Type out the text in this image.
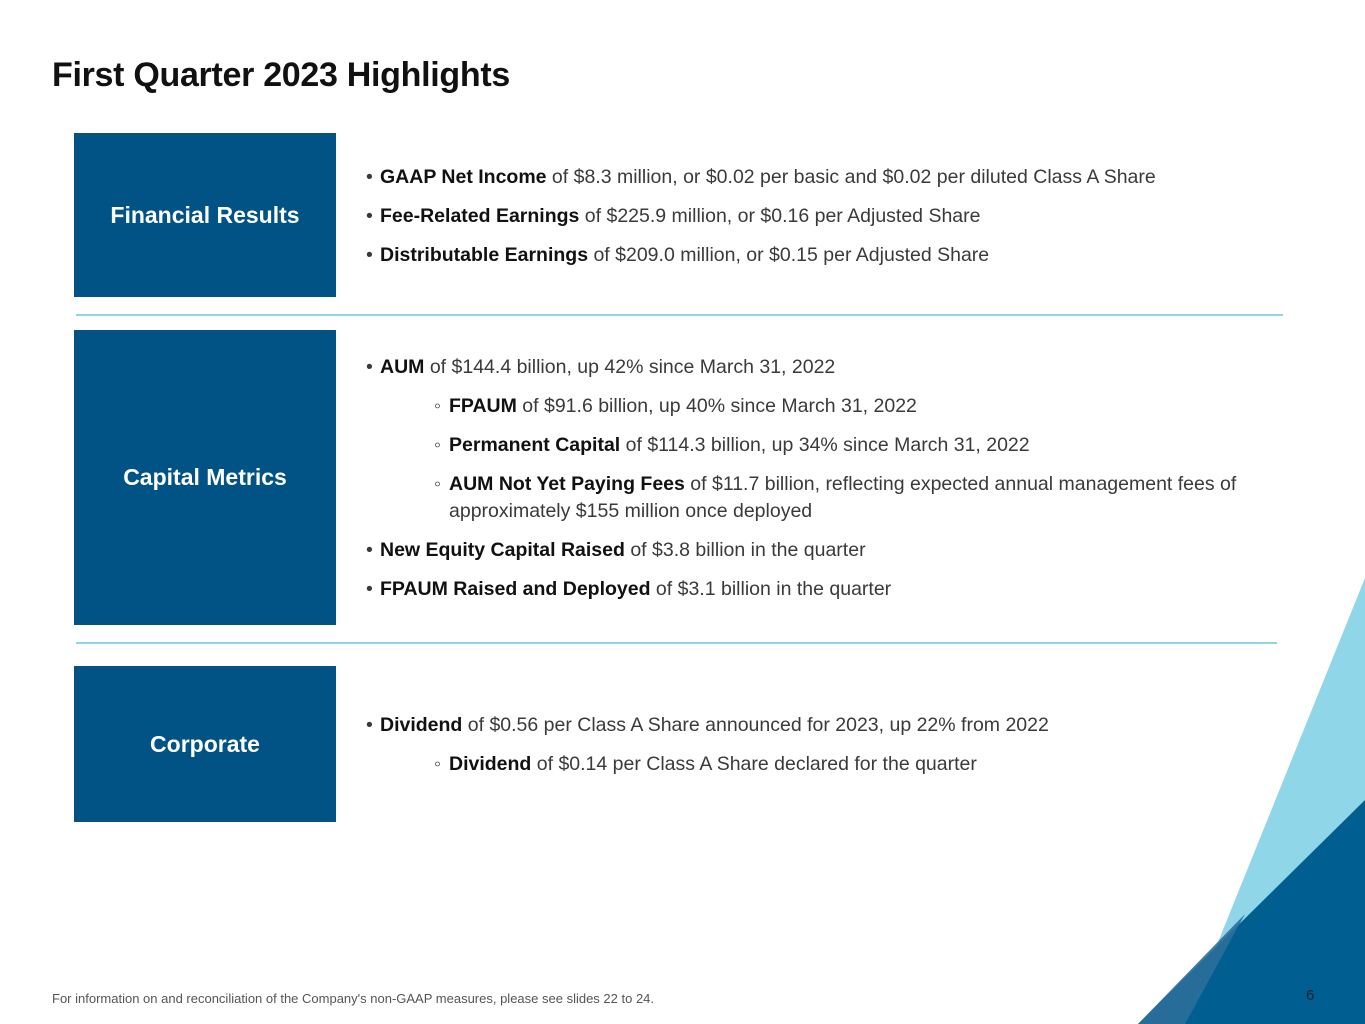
First Quarter 2023 Highlights
Financial Results
• GAAP Net Income of $8.3 million, or $0.02 per basic and $0.02 per diluted Class A Share
• Fee-Related Earnings of $225.9 million, or $0.16 per Adjusted Share
• Distributable Earnings of $209.0 million, or $0.15 per Adjusted Share
Capital Metrics
• AUM of $144.4 billion, up 42% since March 31, 2022
◦ FPAUM of $91.6 billion, up 40% since March 31, 2022
◦ Permanent Capital of $114.3 billion, up 34% since March 31, 2022
◦ AUM Not Yet Paying Fees of $11.7 billion, reflecting expected annual management fees of approximately $155 million once deployed
• New Equity Capital Raised of $3.8 billion in the quarter
• FPAUM Raised and Deployed of $3.1 billion in the quarter
Corporate
• Dividend of $0.56 per Class A Share announced for 2023, up 22% from 2022
◦ Dividend of $0.14 per Class A Share declared for the quarter
For information on and reconciliation of the Company's non-GAAP measures, please see slides 22 to 24.	6
